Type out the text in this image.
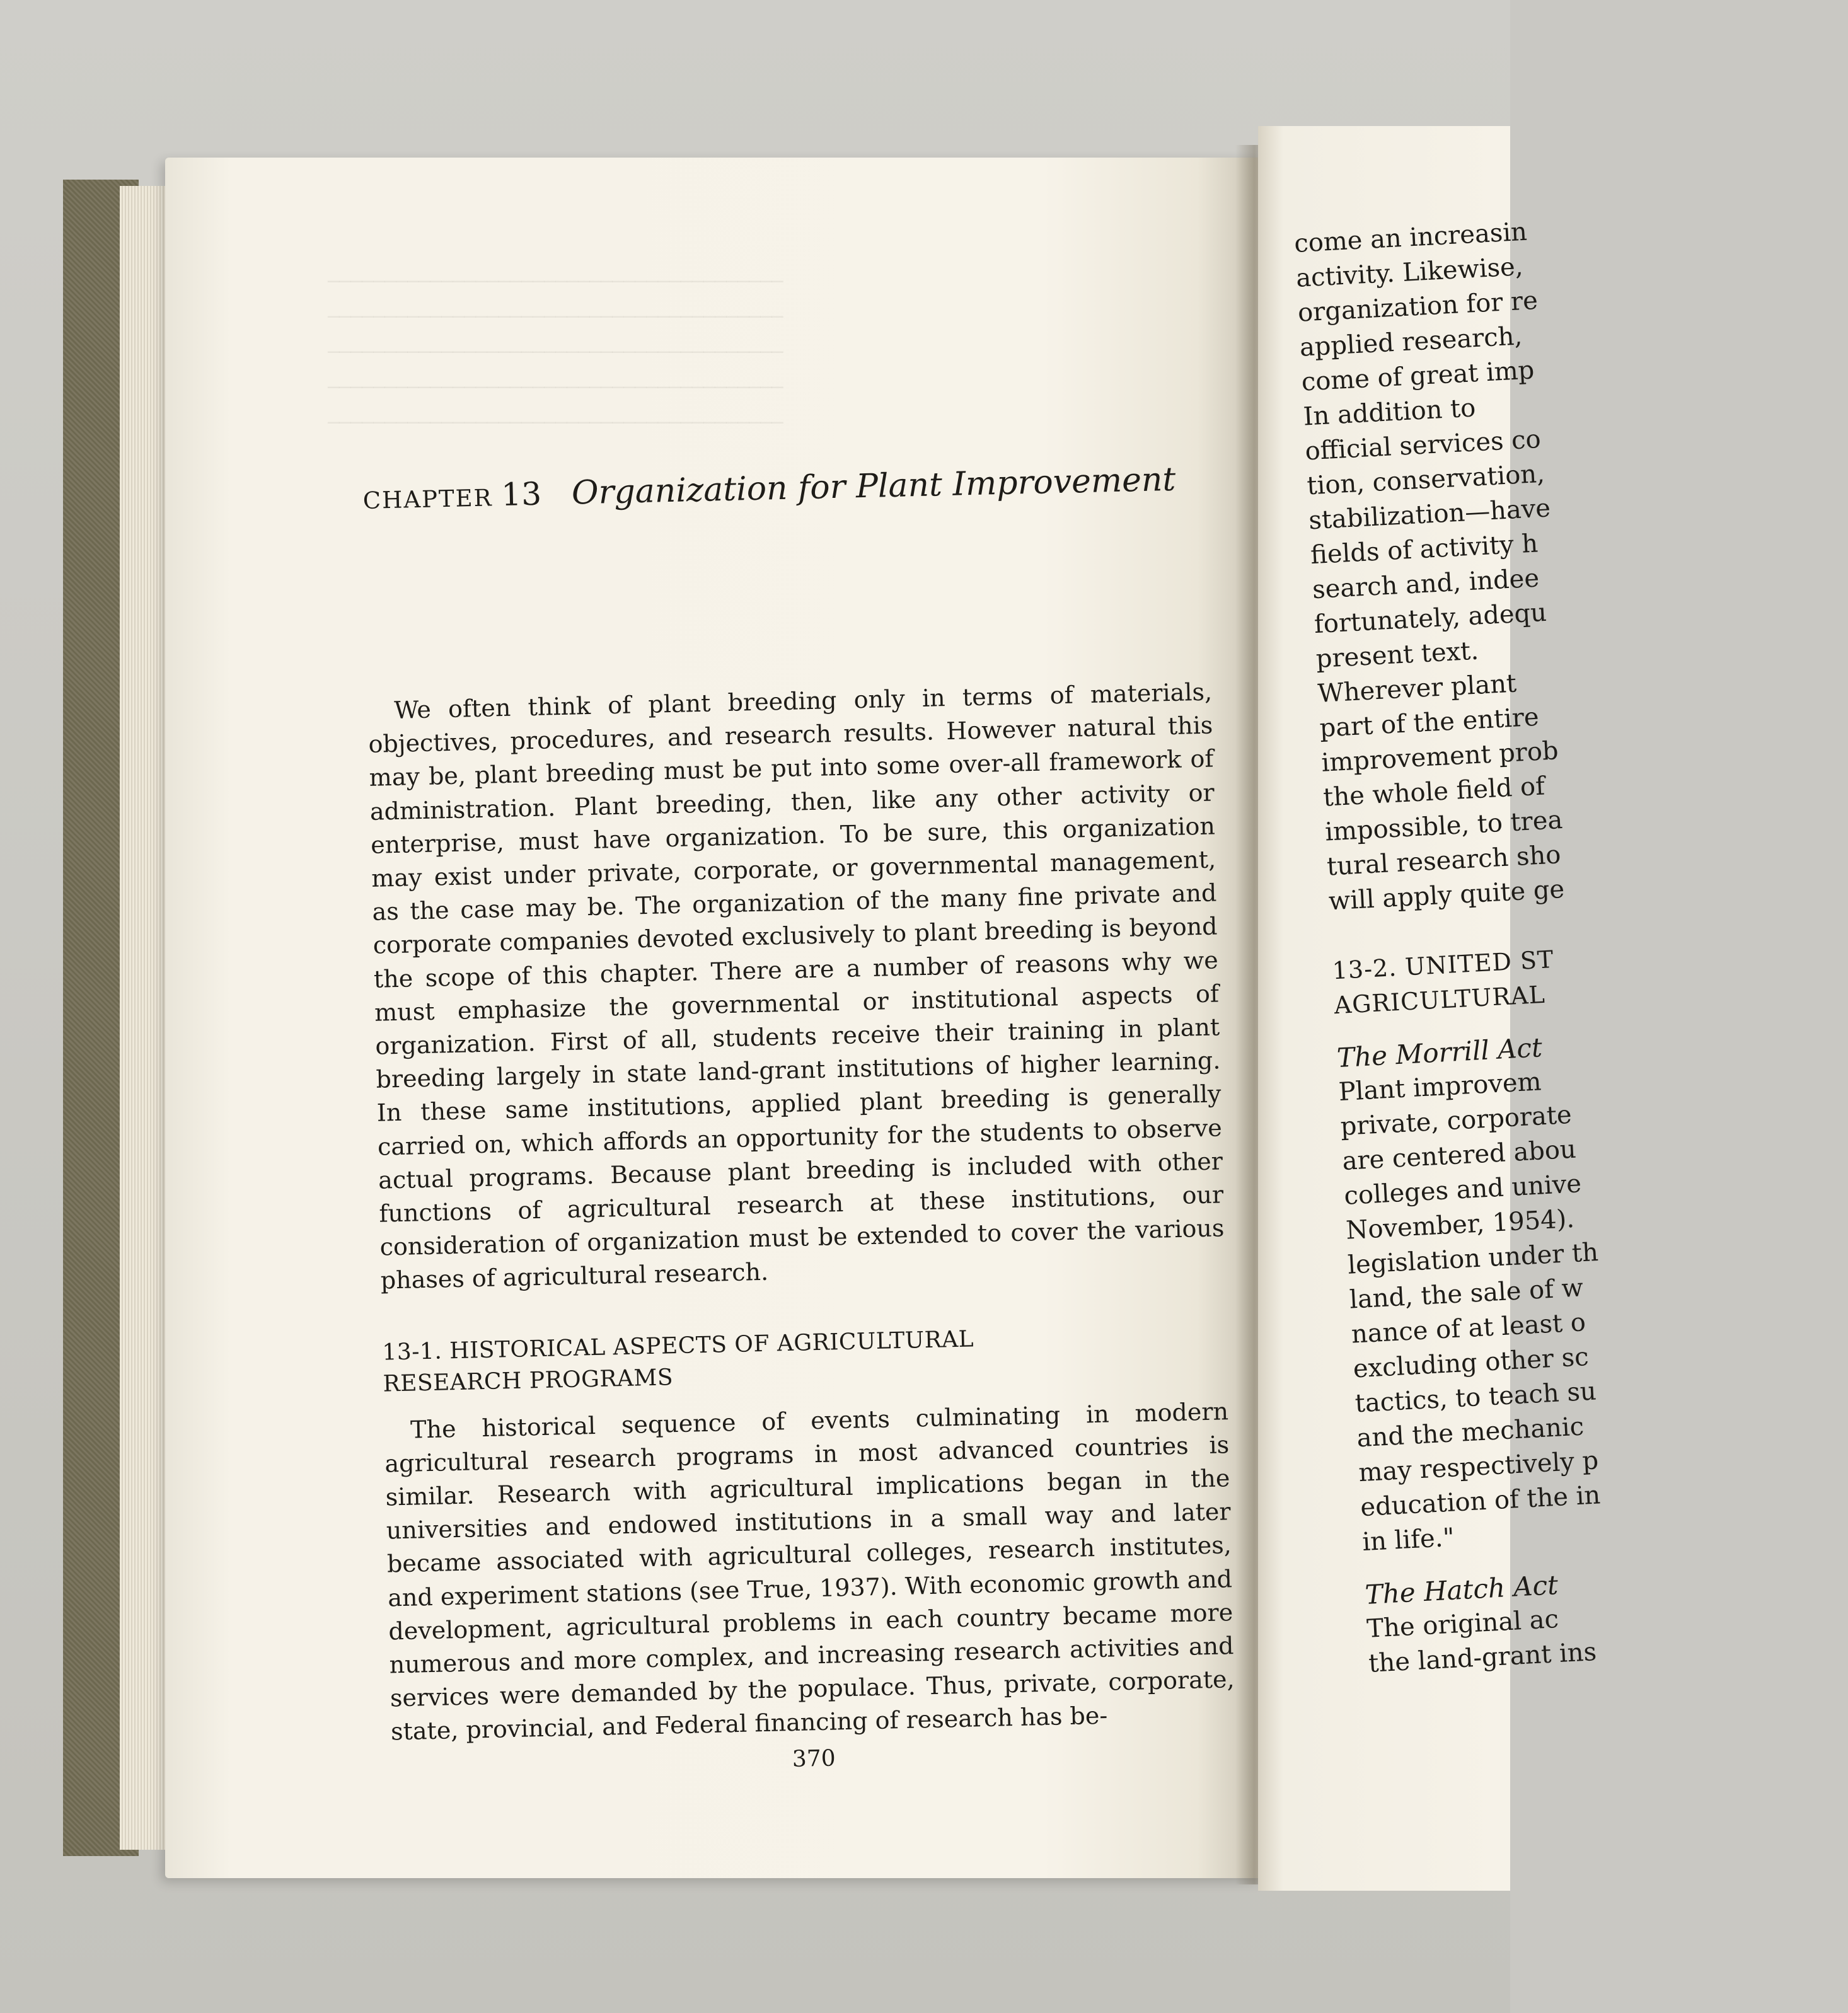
────────────────────────────────────────
────────────────────────────────────────
────────────────────────────────────────
────────────────────────────────────────
────────────────────────────────────────
CHAPTER 13 Organization for Plant Improvement

We often think of plant breeding only in terms of materials, objectives, procedures, and research results. However natural this may be, plant breeding must be put into some over-all framework of administration. Plant breeding, then, like any other activity or enterprise, must have organization. To be sure, this organization may exist under private, corporate, or governmental management, as the case may be. The organization of the many fine private and corporate companies devoted exclusively to plant breeding is beyond the scope of this chapter. There are a number of reasons why we must emphasize the governmental or institutional aspects of organization. First of all, students receive their training in plant breeding largely in state land-grant institutions of higher learning. In these same institutions, applied plant breeding is generally carried on, which affords an opportunity for the students to observe actual programs. Because plant breeding is included with other functions of agricultural research at these institutions, our consideration of organization must be extended to cover the various phases of agricultural research.

13-1. HISTORICAL ASPECTS OF AGRICULTURAL
RESEARCH PROGRAMS

The historical sequence of events culminating in modern agricultural research programs in most advanced countries is similar. Research with agricultural implications began in the universities and endowed institutions in a small way and later became associated with agricultural colleges, research institutes, and experiment stations (see True, 1937). With economic growth and development, agricultural problems in each country became more numerous and more complex, and increasing research activities and services were demanded by the populace. Thus, private, corporate, state, provincial, and Federal financing of research has be-

370

come an increasin

activity. Likewise,

organization for re

applied research,

come of great imp

In addition to

official services co

tion, conservation,

stabilization—have

fields of activity h

search and, indee

fortunately, adequ

present text.

Wherever plant

part of the entire

improvement prob

the whole field of

impossible, to trea

tural research sho

will apply quite ge

13-2. UNITED ST

AGRICULTURAL

The Morrill Act

Plant improvem

private, corporate

are centered abou

colleges and unive

November, 1954).

legislation under th

land, the sale of w

nance of at least o

excluding other sc

tactics, to teach su

and the mechanic

may respectively p

education of the in

in life."

The Hatch Act

The original ac

the land-grant ins
